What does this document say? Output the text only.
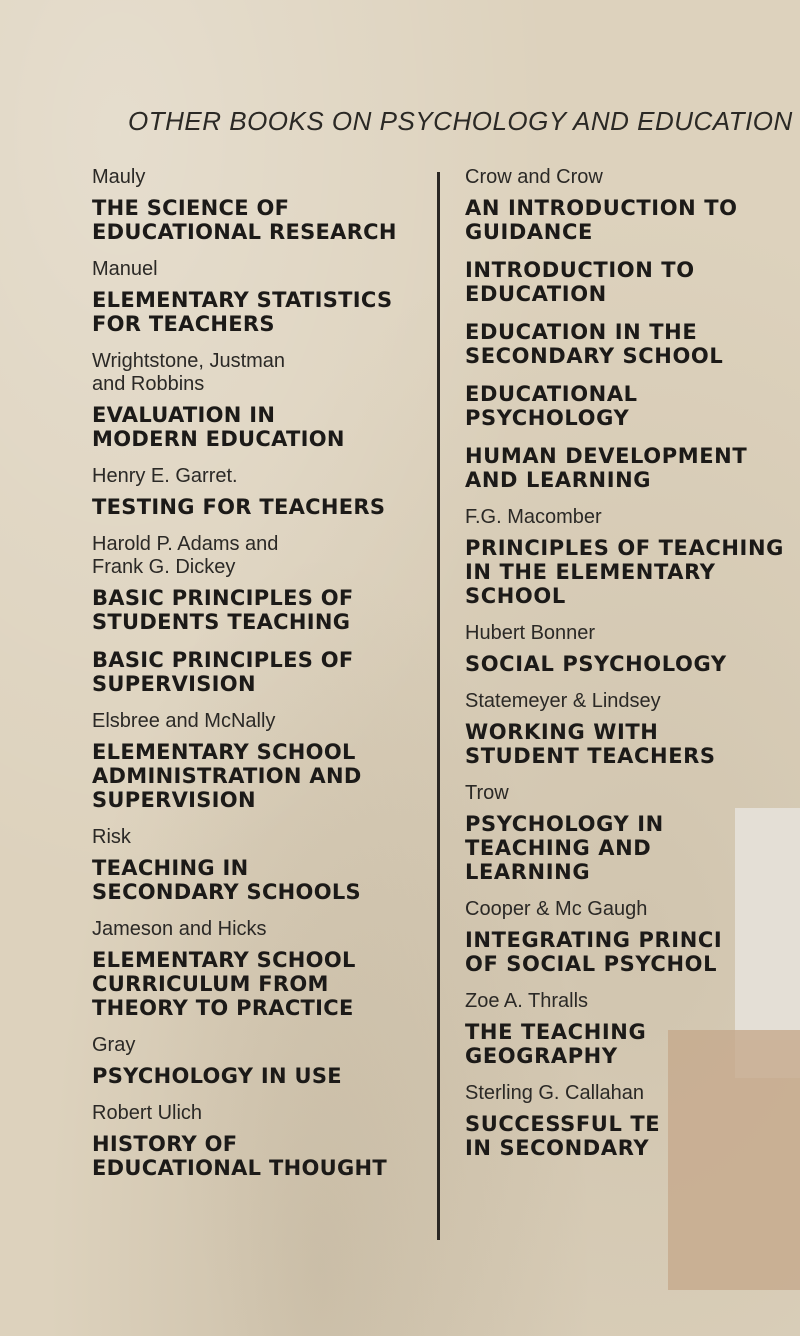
OTHER BOOKS ON PSYCHOLOGY AND EDUCATION
Mauly
THE SCIENCE OF
EDUCATIONAL RESEARCH
Manuel
ELEMENTARY STATISTICS
FOR TEACHERS
Wrightstone, Justman
and Robbins
EVALUATION IN
MODERN EDUCATION
Henry E. Garret.
TESTING FOR TEACHERS
Harold P. Adams and
Frank G. Dickey
BASIC PRINCIPLES OF
STUDENTS TEACHING
BASIC PRINCIPLES OF
SUPERVISION
Elsbree and McNally
ELEMENTARY SCHOOL
ADMINISTRATION AND
SUPERVISION
Risk
TEACHING IN
SECONDARY SCHOOLS
Jameson and Hicks
ELEMENTARY SCHOOL
CURRICULUM FROM
THEORY TO PRACTICE
Gray
PSYCHOLOGY IN USE
Robert Ulich
HISTORY OF
EDUCATIONAL THOUGHT
Crow and Crow
AN INTRODUCTION TO
GUIDANCE
INTRODUCTION TO
EDUCATION
EDUCATION IN THE
SECONDARY SCHOOL
EDUCATIONAL
PSYCHOLOGY
HUMAN DEVELOPMENT
AND LEARNING
F.G. Macomber
PRINCIPLES OF TEACHING
IN THE ELEMENTARY
SCHOOL
Hubert Bonner
SOCIAL PSYCHOLOGY
Statemeyer & Lindsey
WORKING WITH
STUDENT TEACHERS
Trow
PSYCHOLOGY IN
TEACHING AND
LEARNING
Cooper & Mc Gaugh
INTEGRATING PRINCI
OF SOCIAL PSYCHOL
Zoe A. Thralls
THE TEACHING
GEOGRAPHY
Sterling G. Callahan
SUCCESSFUL TE
IN SECONDARY
